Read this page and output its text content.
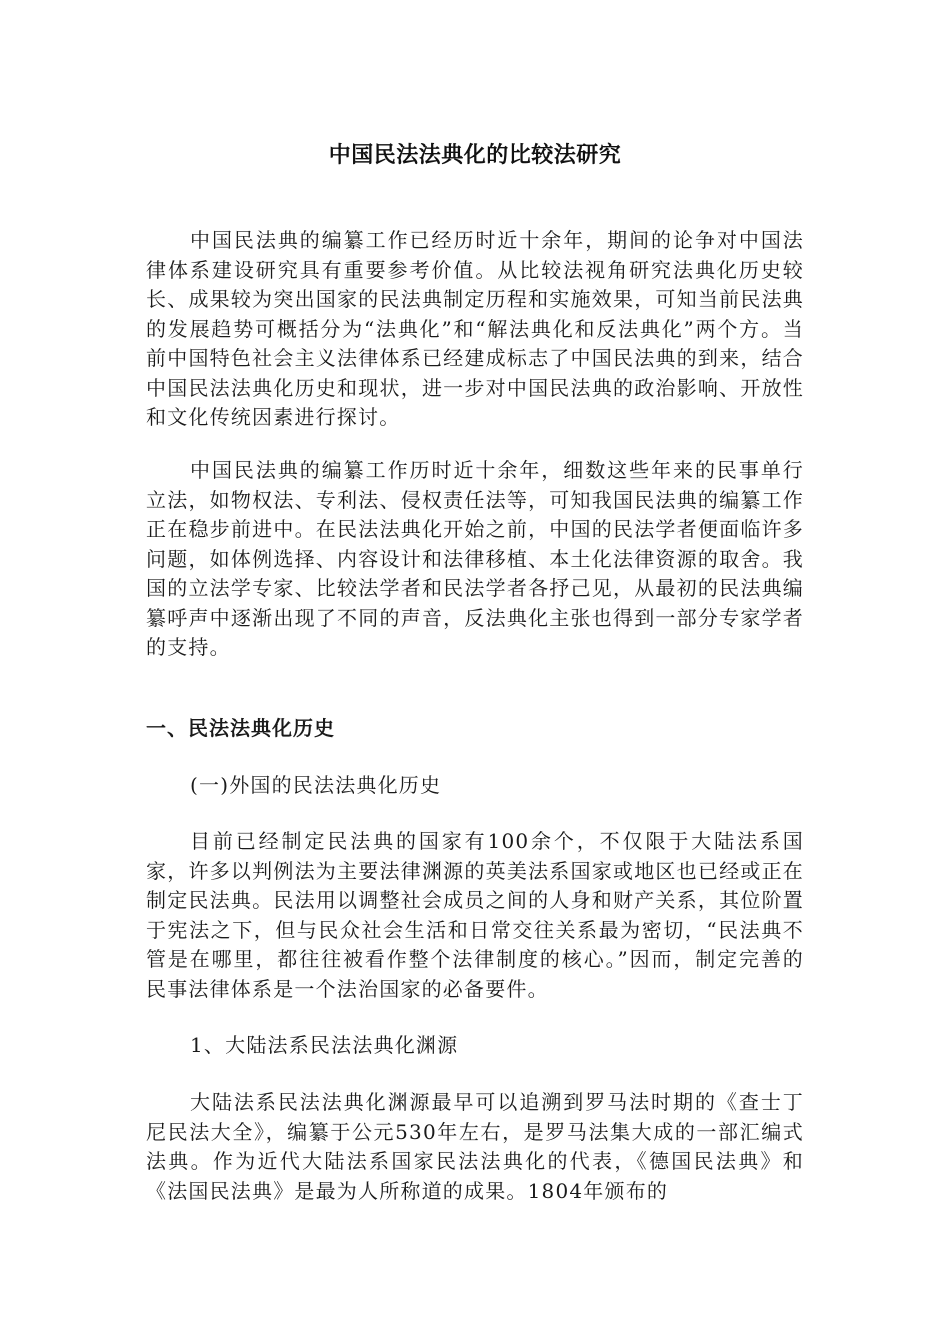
中国民法法典化的比较法研究

中国民法典的编纂工作已经历时近十余年，期间的论争对中国法律体系建设研究具有重要参考价值。从比较法视角研究法典化历史较长、成果较为突出国家的民法典制定历程和实施效果，可知当前民法典的发展趋势可概括分为“法典化”和“解法典化和反法典化”两个方。当前中国特色社会主义法律体系已经建成标志了中国民法典的到来，结合中国民法法典化历史和现状，进一步对中国民法典的政治影响、开放性和文化传统因素进行探讨。

中国民法典的编纂工作历时近十余年，细数这些年来的民事单行立法，如物权法、专利法、侵权责任法等，可知我国民法典的编纂工作正在稳步前进中。在民法法典化开始之前，中国的民法学者便面临许多问题，如体例选择、内容设计和法律移植、本土化法律资源的取舍。我国的立法学专家、比较法学者和民法学者各抒己见，从最初的民法典编纂呼声中逐渐出现了不同的声音，反法典化主张也得到一部分专家学者的支持。

一、民法法典化历史
(一)外国的民法法典化历史

目前已经制定民法典的国家有100余个，不仅限于大陆法系国家，许多以判例法为主要法律渊源的英美法系国家或地区也已经或正在制定民法典。民法用以调整社会成员之间的人身和财产关系，其位阶置于宪法之下，但与民众社会生活和日常交往关系最为密切，“民法典不管是在哪里，都往往被看作整个法律制度的核心。”因而，制定完善的民事法律体系是一个法治国家的必备要件。

1、大陆法系民法法典化渊源

大陆法系民法法典化渊源最早可以追溯到罗马法时期的《查士丁尼民法大全》，编纂于公元530年左右，是罗马法集大成的一部汇编式法典。作为近代大陆法系国家民法法典化的代表，《德国民法典》和《法国民法典》是最为人所称道的成果。1804年颁布的
